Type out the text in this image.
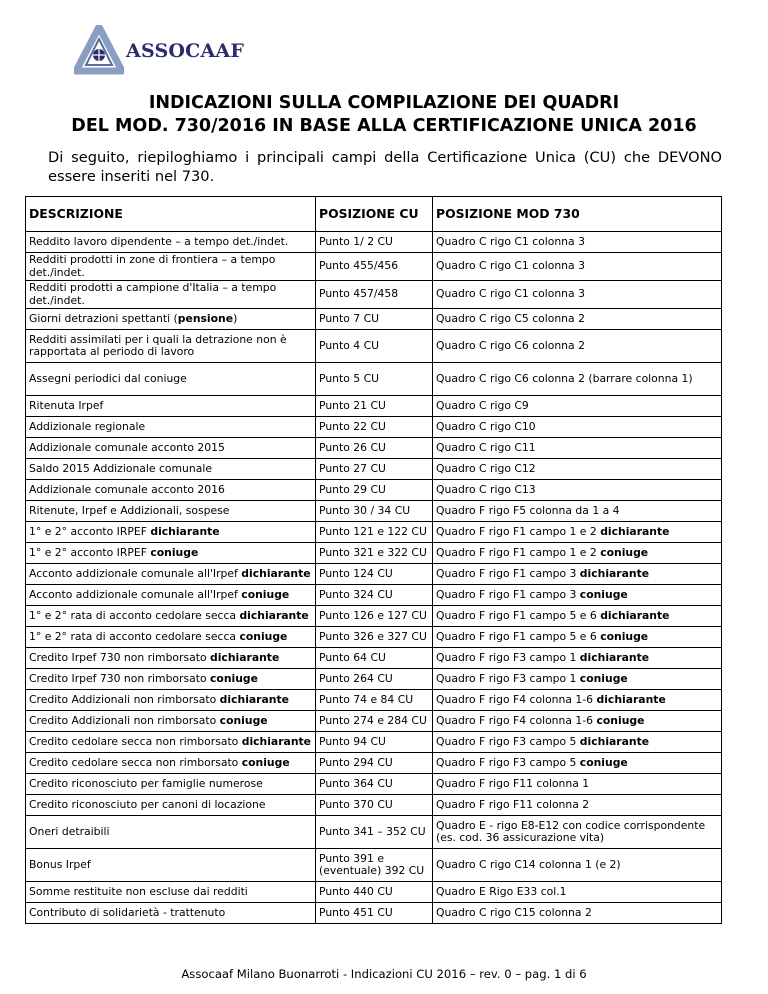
ASSOCAAF
INDICAZIONI SULLA COMPILAZIONE DEI QUADRI
DEL MOD. 730/2016 IN BASE ALLA CERTIFICAZIONE UNICA 2016
Di seguito, riepiloghiamo i principali campi della Certificazione Unica (CU) che DEVONO essere inseriti nel 730.
DESCRIZIONE	POSIZIONE CU	POSIZIONE MOD 730
Reddito lavoro dipendente – a tempo det./indet.	Punto 1/ 2 CU	Quadro C rigo C1 colonna 3
Redditi prodotti in zone di frontiera – a tempo det./indet.	Punto 455/456	Quadro C rigo C1 colonna 3
Redditi prodotti a campione d'Italia – a tempo det./indet.	Punto 457/458	Quadro C rigo C1 colonna 3
Giorni detrazioni spettanti (pensione)	Punto 7 CU	Quadro C rigo C5 colonna 2
Redditi assimilati per i quali la detrazione non è rapportata al periodo di lavoro	Punto 4 CU	Quadro C rigo C6 colonna 2
Assegni periodici dal coniuge	Punto 5 CU	Quadro C rigo C6 colonna 2 (barrare colonna 1)
Ritenuta Irpef	Punto 21 CU	Quadro C rigo C9
Addizionale regionale	Punto 22 CU	Quadro C rigo C10
Addizionale comunale acconto 2015	Punto 26 CU	Quadro C rigo C11
Saldo 2015 Addizionale comunale	Punto 27 CU	Quadro C rigo C12
Addizionale comunale acconto 2016	Punto 29 CU	Quadro C rigo C13
Ritenute, Irpef e Addizionali, sospese	Punto 30 / 34 CU	Quadro F rigo F5 colonna da 1 a 4
1° e 2° acconto IRPEF dichiarante	Punto 121 e 122 CU	Quadro F rigo F1 campo 1 e 2 dichiarante
1° e 2° acconto IRPEF coniuge	Punto 321 e 322 CU	Quadro F rigo F1 campo 1 e 2 coniuge
Acconto addizionale comunale all'Irpef dichiarante	Punto 124 CU	Quadro F rigo F1 campo 3 dichiarante
Acconto addizionale comunale all'Irpef coniuge	Punto 324 CU	Quadro F rigo F1 campo 3 coniuge
1° e 2° rata di acconto cedolare secca dichiarante	Punto 126 e 127 CU	Quadro F rigo F1 campo 5 e 6 dichiarante
1° e 2° rata di acconto cedolare secca coniuge	Punto 326 e 327 CU	Quadro F rigo F1 campo 5 e 6 coniuge
Credito Irpef 730 non rimborsato dichiarante	Punto 64 CU	Quadro F rigo F3 campo 1 dichiarante
Credito Irpef 730 non rimborsato coniuge	Punto 264 CU	Quadro F rigo F3 campo 1 coniuge
Credito Addizionali non rimborsato dichiarante	Punto 74 e 84 CU	Quadro F rigo F4 colonna 1-6 dichiarante
Credito Addizionali non rimborsato coniuge	Punto 274 e 284 CU	Quadro F rigo F4 colonna 1-6 coniuge
Credito cedolare secca non rimborsato dichiarante	Punto 94 CU	Quadro F rigo F3 campo 5 dichiarante
Credito cedolare secca non rimborsato coniuge	Punto 294 CU	Quadro F rigo F3 campo 5 coniuge
Credito riconosciuto per famiglie numerose	Punto 364 CU	Quadro F rigo F11 colonna 1
Credito riconosciuto per canoni di locazione	Punto 370 CU	Quadro F rigo F11 colonna 2
Oneri detraibili	Punto 341 – 352 CU	Quadro E - rigo E8-E12 con codice corrispondente (es. cod. 36 assicurazione vita)
Bonus Irpef	Punto 391 e (eventuale) 392 CU	Quadro C rigo C14 colonna 1 (e 2)
Somme restituite non escluse dai redditi	Punto 440 CU	Quadro E Rigo E33 col.1
Contributo di solidarietà - trattenuto	Punto 451 CU	Quadro C rigo C15 colonna 2
Assocaaf Milano Buonarroti - Indicazioni CU 2016 – rev. 0 – pag. 1 di 6
